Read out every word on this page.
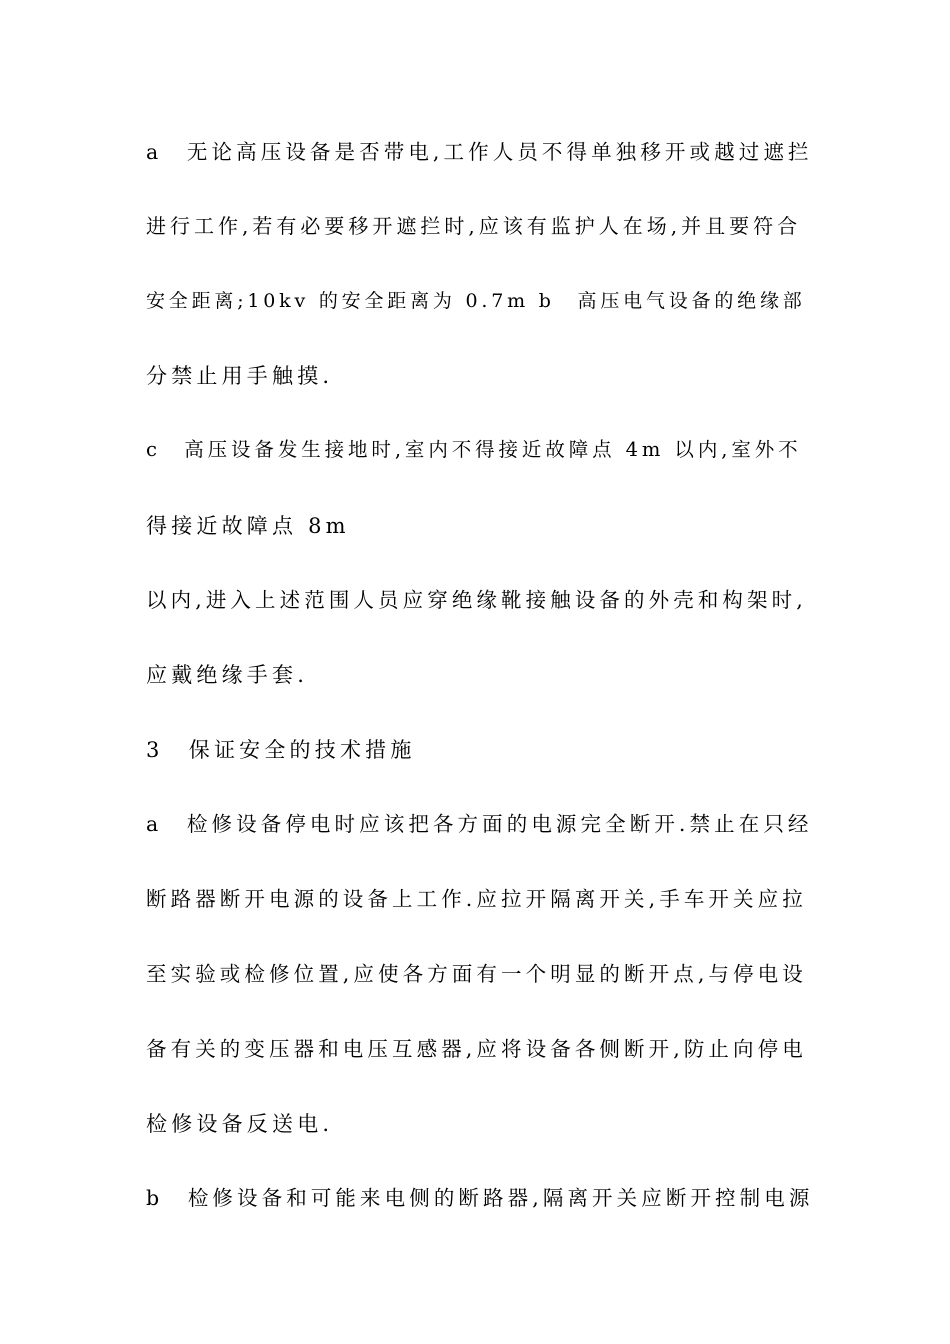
a　无论高压设备是否带电,工作人员不得单独移开或越过遮拦
进行工作,若有必要移开遮拦时,应该有监护人在场,并且要符合
安全距离;10kv 的安全距离为 0.7m b　高压电气设备的绝缘部
分禁止用手触摸.
c　高压设备发生接地时,室内不得接近故障点 4m 以内,室外不
得接近故障点 8m
以内,进入上述范围人员应穿绝缘靴接触设备的外壳和构架时,
应戴绝缘手套.
3　保证安全的技术措施
a　检修设备停电时应该把各方面的电源完全断开.禁止在只经
断路器断开电源的设备上工作.应拉开隔离开关,手车开关应拉
至实验或检修位置,应使各方面有一个明显的断开点,与停电设
备有关的变压器和电压互感器,应将设备各侧断开,防止向停电
检修设备反送电.
b　检修设备和可能来电侧的断路器,隔离开关应断开控制电源
